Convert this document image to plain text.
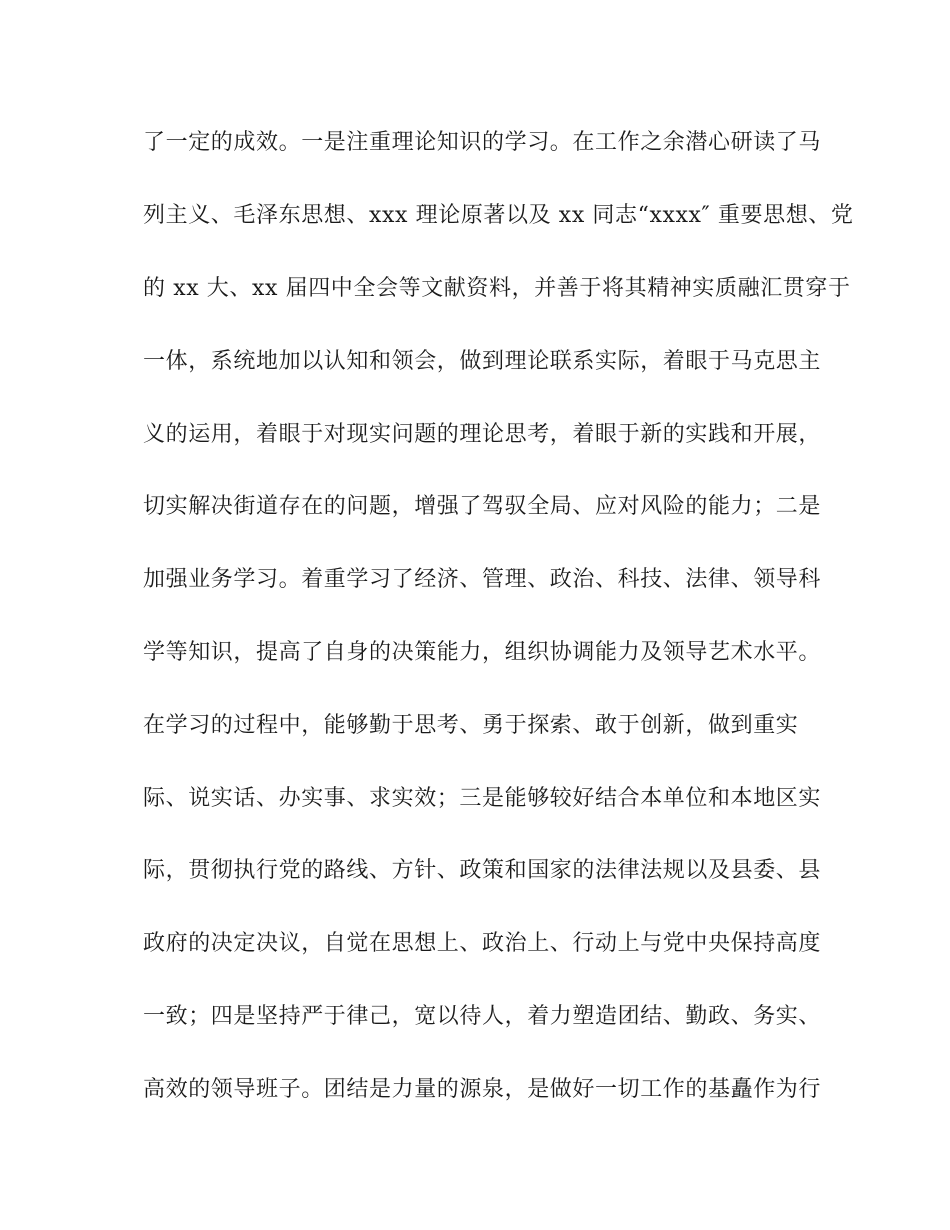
了一定的成效。一是注重理论知识的学习。在工作之余潜心研读了马
列主义、毛泽东思想、xxx 理论原著以及 xx 同志“xxxx″ 重要思想、党
的 xx 大、xx 届四中全会等文献资料，并善于将其精神实质融汇贯穿于
一体，系统地加以认知和领会，做到理论联系实际，着眼于马克思主
义的运用，着眼于对现实问题的理论思考，着眼于新的实践和开展，
切实解决街道存在的问题，增强了驾驭全局、应对风险的能力；二是
加强业务学习。着重学习了经济、管理、政治、科技、法律、领导科
学等知识，提高了自身的决策能力，组织协调能力及领导艺术水平。
在学习的过程中，能够勤于思考、勇于探索、敢于创新，做到重实
际、说实话、办实事、求实效；三是能够较好结合本单位和本地区实
际，贯彻执行党的路线、方针、政策和国家的法律法规以及县委、县
政府的决定决议，自觉在思想上、政治上、行动上与党中央保持高度
一致；四是坚持严于律己，宽以待人，着力塑造团结、勤政、务实、
高效的领导班子。团结是力量的源泉，是做好一切工作的基矗作为行
